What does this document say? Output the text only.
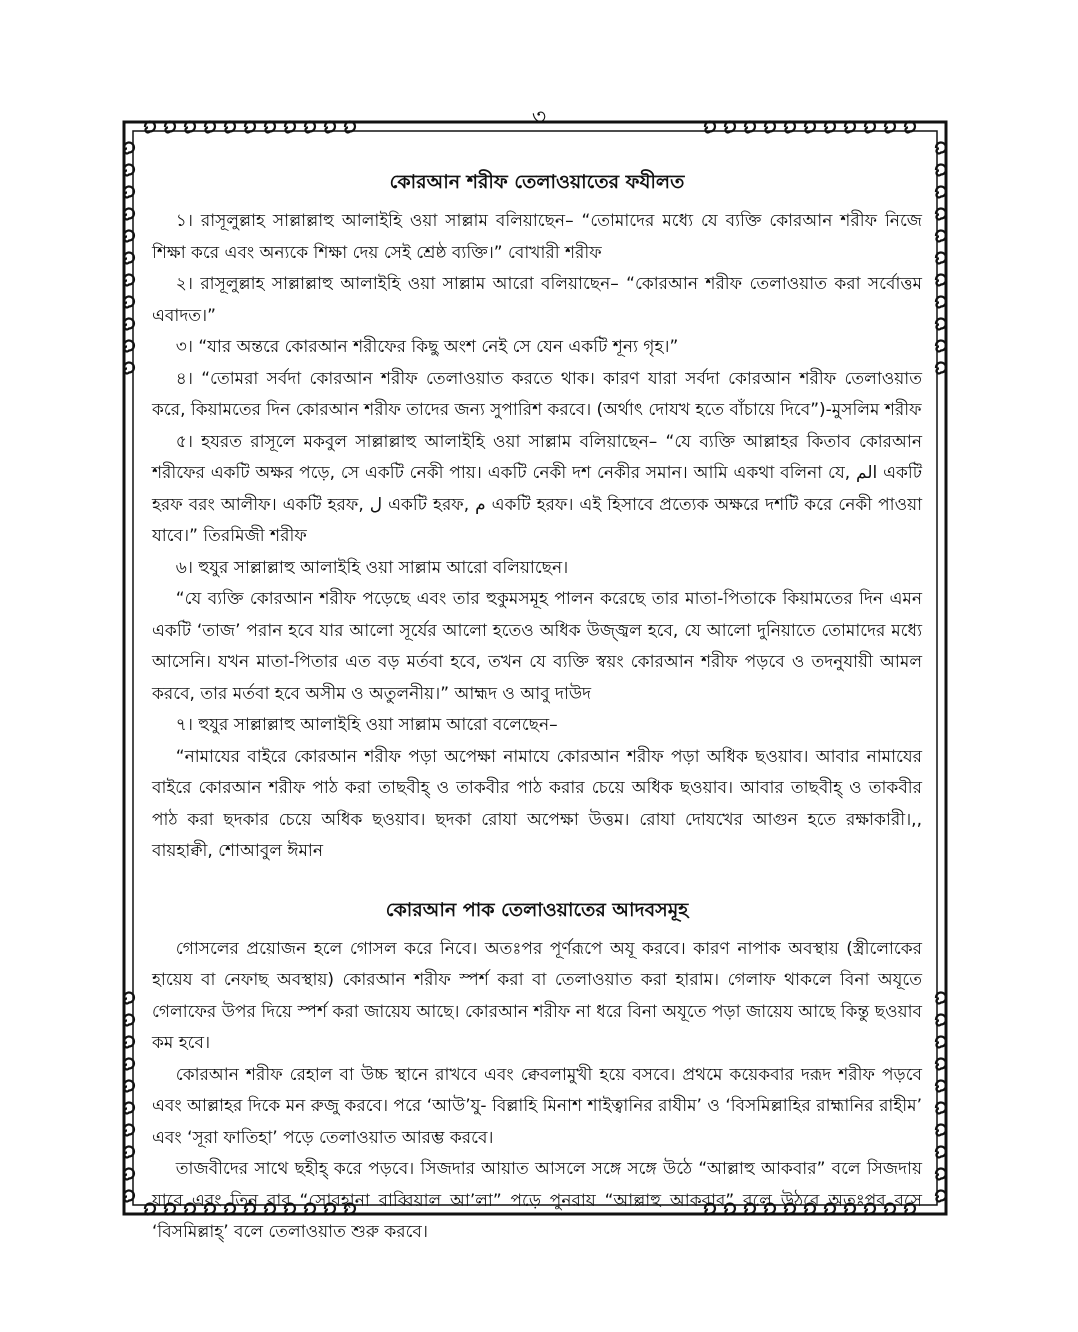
৩
কোরআন শরীফ তেলাওয়াতের ফযীলত

১। রাসূলুল্লাহ সাল্লাল্লাহু আলাইহি ওয়া সাল্লাম বলিয়াছেন– “তোমাদের মধ্যে যে ব্যক্তি কোরআন শরীফ নিজে শিক্ষা করে এবং অন্যকে শিক্ষা দেয় সেই শ্রেষ্ঠ ব্যক্তি।” বোখারী শরীফ

২। রাসূলুল্লাহ সাল্লাল্লাহু আলাইহি ওয়া সাল্লাম আরো বলিয়াছেন– “কোরআন শরীফ তেলাওয়াত করা সর্বোত্তম এবাদত।”

৩। “যার অন্তরে কোরআন শরীফের কিছু অংশ নেই সে যেন একটি শূন্য গৃহ।”

৪। “তোমরা সর্বদা কোরআন শরীফ তেলাওয়াত করতে থাক। কারণ যারা সর্বদা কোরআন শরীফ তেলাওয়াত করে, কিয়ামতের দিন কোরআন শরীফ তাদের জন্য সুপারিশ করবে। (অর্থাৎ দোযখ হতে বাঁচায়ে দিবে”)-মুসলিম শরীফ

৫। হযরত রাসূলে মকবুল সাল্লাল্লাহু আলাইহি ওয়া সাল্লাম বলিয়াছেন– “যে ব্যক্তি আল্লাহর কিতাব কোরআন শরীফের একটি অক্ষর পড়ে, সে একটি নেকী পায়। একটি নেকী দশ নেকীর সমান। আমি একথা বলিনা যে, الم একটি হরফ বরং আলীফ। একটি হরফ, ل একটি হরফ, م একটি হরফ। এই হিসাবে প্রত্যেক অক্ষরে দশটি করে নেকী পাওয়া যাবে।” তিরমিজী শরীফ

৬। হুযুর সাল্লাল্লাহু আলাইহি ওয়া সাল্লাম আরো বলিয়াছেন।

“যে ব্যক্তি কোরআন শরীফ পড়েছে এবং তার হুকুমসমূহ পালন করেছে তার মাতা-পিতাকে কিয়ামতের দিন এমন একটি ‘তাজ’ পরান হবে যার আলো সূর্যের আলো হতেও অধিক উজ্জ্বল হবে, যে আলো দুনিয়াতে তোমাদের মধ্যে আসেনি। যখন মাতা-পিতার এত বড় মর্তবা হবে, তখন যে ব্যক্তি স্বয়ং কোরআন শরীফ পড়বে ও তদনুযায়ী আমল করবে, তার মর্তবা হবে অসীম ও অতুলনীয়।” আহ্মদ ও আবু দাউদ

৭। হুযুর সাল্লাল্লাহু আলাইহি ওয়া সাল্লাম আরো বলেছেন–

“নামাযের বাইরে কোরআন শরীফ পড়া অপেক্ষা নামাযে কোরআন শরীফ পড়া অধিক ছওয়াব। আবার নামাযের বাইরে কোরআন শরীফ পাঠ করা তাছবীহ্ ও তাকবীর পাঠ করার চেয়ে অধিক ছওয়াব। আবার তাছবীহ্ ও তাকবীর পাঠ করা ছদকার চেয়ে অধিক ছওয়াব। ছদকা রোযা অপেক্ষা উত্তম। রোযা দোযখের আগুন হতে রক্ষাকারী।,, বায়হাক্বী, শোআবুল ঈমান

কোরআন পাক তেলাওয়াতের আদবসমূহ

গোসলের প্রয়োজন হলে গোসল করে নিবে। অতঃপর পূর্ণরূপে অযূ করবে। কারণ নাপাক অবস্থায় (স্ত্রীলোকের হায়েয বা নেফাছ অবস্থায়) কোরআন শরীফ স্পর্শ করা বা তেলাওয়াত করা হারাম। গেলাফ থাকলে বিনা অযূতে গেলাফের উপর দিয়ে স্পর্শ করা জায়েয আছে। কোরআন শরীফ না ধরে বিনা অযূতে পড়া জায়েয আছে কিন্তু ছওয়াব কম হবে।

কোরআন শরীফ রেহাল বা উচ্চ স্থানে রাখবে এবং ক্বেবলামুখী হয়ে বসবে। প্রথমে কয়েকবার দরূদ শরীফ পড়বে এবং আল্লাহর দিকে মন রুজু করবে। পরে ‘আউ’যু- বিল্লাহি মিনাশ শাইত্বানির রাযীম’ ও ‘বিসমিল্লাহির রাহ্মানির রাহীম’ এবং ‘সূরা ফাতিহা’ পড়ে তেলাওয়াত আরম্ভ করবে।

তাজবীদের সাথে ছহীহ্ করে পড়বে। সিজদার আয়াত আসলে সঙ্গে সঙ্গে উঠে “আল্লাহু আকবার” বলে সিজদায় যাবে এবং তিন বার “সোবহানা রাব্বিয়াল আ’লা” পড়ে পুনরায় “আল্লাহু আকবার” বলে উঠবে অতঃপর বসে ‘বিসমিল্লাহ্’ বলে তেলাওয়াত শুরু করবে।
